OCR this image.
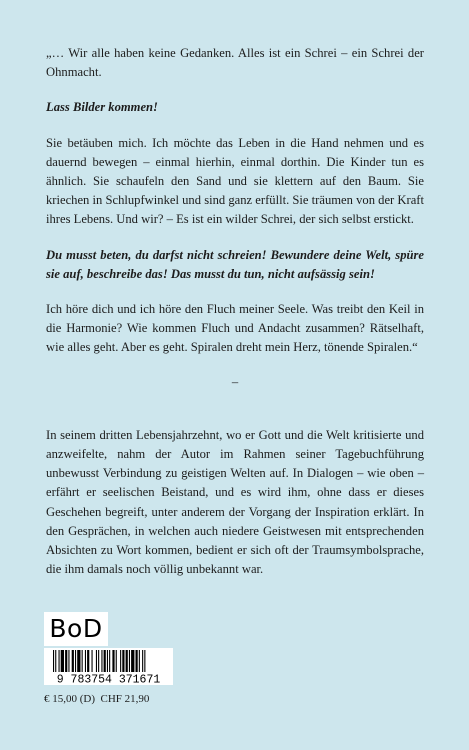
„… Wir alle haben keine Gedanken. Alles ist ein Schrei – ein Schrei der Ohnmacht.

Lass Bilder kommen!

Sie betäuben mich. Ich möchte das Leben in die Hand nehmen und es dauernd bewegen – einmal hierhin, einmal dorthin. Die Kinder tun es ähnlich. Sie schaufeln den Sand und sie klettern auf den Baum. Sie kriechen in Schlupfwinkel und sind ganz erfüllt. Sie träumen von der Kraft ihres Lebens. Und wir? – Es ist ein wilder Schrei, der sich selbst erstickt.

Du musst beten, du darfst nicht schreien! Bewundere deine Welt, spüre sie auf, beschreibe das! Das musst du tun, nicht aufsässig sein!

Ich höre dich und ich höre den Fluch meiner Seele. Was treibt den Keil in die Harmonie? Wie kommen Fluch und Andacht zusammen? Rätselhaft, wie alles geht. Aber es geht. Spiralen dreht mein Herz, tönende Spiralen.“

–

In seinem dritten Lebensjahrzehnt, wo er Gott und die Welt kritisierte und anzweifelte, nahm der Autor im Rahmen seiner Tagebuchführung unbewusst Verbindung zu geistigen Welten auf. In Dialogen – wie oben – erfährt er seelischen Beistand, und es wird ihm, ohne dass er dieses Geschehen begreift, unter anderem der Vorgang der Inspiration erklärt. In den Gesprächen, in welchen auch niedere Geistwesen mit entsprechenden Absichten zu Wort kommen, bedient er sich oft der Traumsymbolsprache, die ihm damals noch völlig unbekannt war.

BoD
9 783754 371671
€ 15,00 (D)  CHF 21,90
